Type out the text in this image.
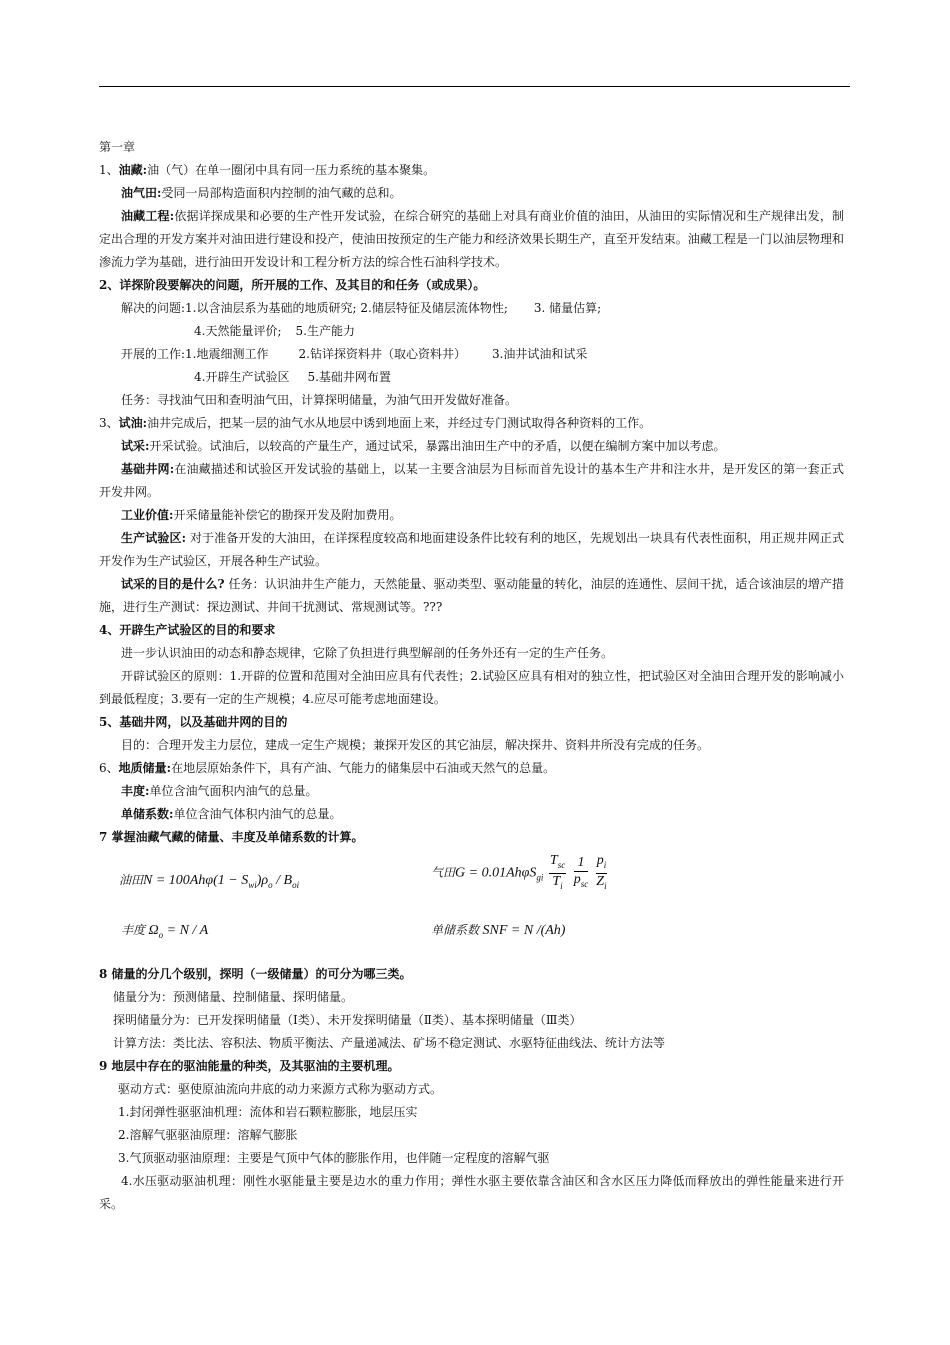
第一章
1、油藏:油（气）在单一圈闭中具有同一压力系统的基本聚集。
油气田:受同一局部构造面积内控制的油气藏的总和。
油藏工程:依据详探成果和必要的生产性开发试验，在综合研究的基础上对具有商业价值的油田，从油田的实际情况和生产规律出发，制定出合理的开发方案并对油田进行建设和投产，使油田按预定的生产能力和经济效果长期生产，直至开发结束。油藏工程是一门以油层物理和渗流力学为基础，进行油田开发设计和工程分析方法的综合性石油科学技术。
2、详探阶段要解决的问题，所开展的工作、及其目的和任务（或成果）。
解决的问题:1.以含油层系为基础的地质研究; 2.储层特征及储层流体物性; 3. 储量估算;
4.天然能量评价; 5.生产能力
开展的工作:1.地震细测工作	2.钻详探资料井（取心资料井） 3.油井试油和试采
4.开辟生产试验区 5.基础井网布置
任务：寻找油气田和查明油气田，计算探明储量，为油气田开发做好准备。
3、试油:油井完成后，把某一层的油气水从地层中诱到地面上来，并经过专门测试取得各种资料的工作。
试采:开采试验。试油后，以较高的产量生产，通过试采，暴露出油田生产中的矛盾，以便在编制方案中加以考虑。
基础井网:在油藏描述和试验区开发试验的基础上，以某一主要含油层为目标而首先设计的基本生产井和注水井，是开发区的第一套正式开发井网。
工业价值:开采储量能补偿它的勘探开发及附加费用。
生产试验区: 对于准备开发的大油田，在详探程度较高和地面建设条件比较有利的地区，先规划出一块具有代表性面积，用正规井网正式开发作为生产试验区，开展各种生产试验。
试采的目的是什么? 任务：认识油井生产能力，天然能量、驱动类型、驱动能量的转化，油层的连通性、层间干扰，适合该油层的增产措施，进行生产测试：探边测试、井间干扰测试、常规测试等。???
4、开辟生产试验区的目的和要求
进一步认识油田的动态和静态规律，它除了负担进行典型解剖的任务外还有一定的生产任务。
开辟试验区的原则：1.开辟的位置和范围对全油田应具有代表性；2.试验区应具有相对的独立性，把试验区对全油田合理开发的影响减小到最低程度；3.要有一定的生产规模；4.应尽可能考虑地面建设。
5、基础井网，以及基础井网的目的
目的：合理开发主力层位，建成一定生产规模；兼探开发区的其它油层，解决探井、资料井所没有完成的任务。
6、地质储量:在地层原始条件下，具有产油、气能力的储集层中石油或天然气的总量。
丰度:单位含油气面积内油气的总量。
单储系数:单位含油气体积内油气的总量。
7 掌握油藏气藏的储量、丰度及单储系数的计算。
油田$N = 100Ah\varphi(1 - S_{wi})\rho_o / B_{oi}$
气田$G = 0.01Ah\varphi S_{gi} \frac{T_{sc}}{T_i}$
$\frac{1}{p_{sc}}$
$\frac{p_i}{Z_i}$
丰度 $\Omega_o = N / A$	单储系数 SNF = N /(Ah)
8 储量的分几个级别，探明（一级储量）的可分为哪三类。
储量分为：预测储量、控制储量、探明储量。
探明储量分为：已开发探明储量（Ⅰ类）、未开发探明储量（Ⅱ类）、基本探明储量（Ⅲ类）
计算方法：类比法、容积法、物质平衡法、产量递减法、矿场不稳定测试、水驱特征曲线法、统计方法等
9 地层中存在的驱油能量的种类，及其驱油的主要机理。
驱动方式：驱使原油流向井底的动力来源方式称为驱动方式。
1.封闭弹性驱驱油机理：流体和岩石颗粒膨胀，地层压实
2.溶解气驱驱油原理：溶解气膨胀
3.气顶驱动驱油原理：主要是气顶中气体的膨胀作用，也伴随一定程度的溶解气驱
4.水压驱动驱油机理：刚性水驱能量主要是边水的重力作用；弹性水驱主要依靠含油区和含水区压力降低而释放出的弹性能量来进行开采。
